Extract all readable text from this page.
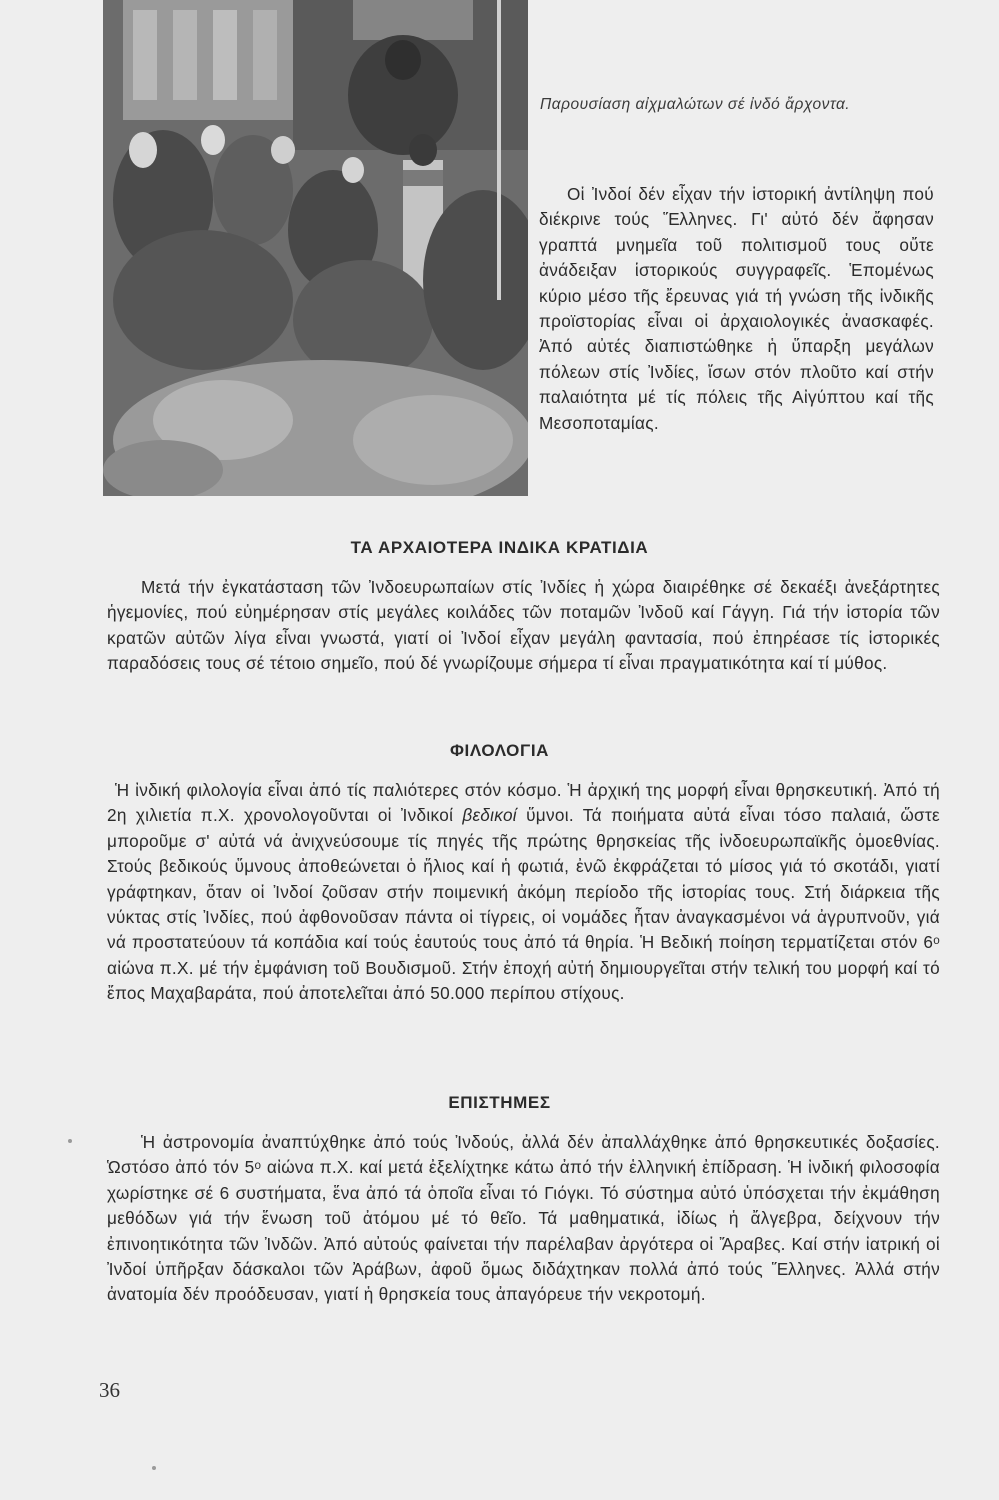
Παρουσίαση αἰχμαλώτων σέ ἰνδό ἄρχοντα.

Οἱ Ἰνδοί δέν εἶχαν τήν ἱστορική ἀντίληψη πού διέκρινε τούς Ἕλληνες. Γι' αὐτό δέν ἄφησαν γραπτά μνημεῖα τοῦ πολιτισμοῦ τους οὔτε ἀνάδειξαν ἱστορικούς συγγραφεῖς. Ἑπομένως κύριο μέσο τῆς ἔρευνας γιά τή γνώση τῆς ἰνδικῆς προϊστορίας εἶναι οἱ ἀρχαιολογικές ἀνασκαφές. Ἀπό αὐτές διαπιστώθηκε ἡ ὕπαρξη μεγάλων πόλεων στίς Ἰνδίες, ἴσων στόν πλοῦτο καί στήν παλαιότητα μέ τίς πόλεις τῆς Αἰγύπτου καί τῆς Μεσοποταμίας.

ΤΑ ΑΡΧΑΙΟΤΕΡΑ ΙΝΔΙΚΑ ΚΡΑΤΙΔΙΑ

Μετά τήν ἐγκατάσταση τῶν Ἰνδοευρωπαίων στίς Ἰνδίες ἡ χώρα διαιρέθηκε σέ δεκαέξι ἀνεξάρτητες ἡγεμονίες, πού εὐημέρησαν στίς μεγάλες κοιλάδες τῶν ποταμῶν Ἰνδοῦ καί Γάγγη. Γιά τήν ἱστορία τῶν κρατῶν αὐτῶν λίγα εἶναι γνωστά, γιατί οἱ Ἰνδοί εἶχαν μεγάλη φαντασία, πού ἐπηρέασε τίς ἱστορικές παραδόσεις τους σέ τέτοιο σημεῖο, πού δέ γνωρίζουμε σήμερα τί εἶναι πραγματικότητα καί τί μύθος.

ΦΙΛΟΛΟΓΙΑ

Ἡ ἰνδική φιλολογία εἶναι ἀπό τίς παλιότερες στόν κόσμο. Ἡ ἀρχική της μορφή εἶναι θρησκευτική. Ἀπό τή 2η χιλιετία π.Χ. χρονολογοῦνται οἱ Ἰνδικοί βεδικοί ὕμνοι. Τά ποιήματα αὐτά εἶναι τόσο παλαιά, ὥστε μποροῦμε σ' αὐτά νά ἀνιχνεύσουμε τίς πηγές τῆς πρώτης θρησκείας τῆς ἰνδοευρωπαϊκῆς ὁμοεθνίας. Στούς βεδικούς ὕμνους ἀποθεώνεται ὁ ἥλιος καί ἡ φωτιά, ἐνῶ ἐκφράζεται τό μίσος γιά τό σκοτάδι, γιατί γράφτηκαν, ὅταν οἱ Ἰνδοί ζοῦσαν στήν ποιμενική ἀκόμη περίοδο τῆς ἱστορίας τους. Στή διάρκεια τῆς νύκτας στίς Ἰνδίες, πού ἀφθονοῦσαν πάντα οἱ τίγρεις, οἱ νομάδες ἦταν ἀναγκασμένοι νά ἀγρυπνοῦν, γιά νά προστατεύουν τά κοπάδια καί τούς ἑαυτούς τους ἀπό τά θηρία. Ἡ Βεδική ποίηση τερματίζεται στόν 6ᵒ αἰώνα π.Χ. μέ τήν ἐμφάνιση τοῦ Βουδισμοῦ. Στήν ἐποχή αὐτή δημιουργεῖται στήν τελική του μορφή καί τό ἔπος Μαχαβαράτα, πού ἀποτελεῖται ἀπό 50.000 περίπου στίχους.

ΕΠΙΣΤΗΜΕΣ

Ἡ ἀστρονομία ἀναπτύχθηκε ἀπό τούς Ἰνδούς, ἀλλά δέν ἀπαλλάχθηκε ἀπό θρησκευτικές δοξασίες. Ὡστόσο ἀπό τόν 5ᵒ αἰώνα π.Χ. καί μετά ἐξελίχτηκε κάτω ἀπό τήν ἑλληνική ἐπίδραση. Ἡ ἰνδική φιλοσοφία χωρίστηκε σέ 6 συστήματα, ἕνα ἀπό τά ὁποῖα εἶναι τό Γιόγκι. Τό σύστημα αὐτό ὑπόσχεται τήν ἐκμάθηση μεθόδων γιά τήν ἕνωση τοῦ ἀτόμου μέ τό θεῖο. Τά μαθηματικά, ἰδίως ἡ ἄλγεβρα, δείχνουν τήν ἐπινοητικότητα τῶν Ἰνδῶν. Ἀπό αὐτούς φαίνεται τήν παρέλαβαν ἀργότερα οἱ Ἄραβες. Καί στήν ἰατρική οἱ Ἰνδοί ὑπῆρξαν δάσκαλοι τῶν Ἀράβων, ἀφοῦ ὅμως διδάχτηκαν πολλά ἀπό τούς Ἕλληνες. Ἀλλά στήν ἀνατομία δέν προόδευσαν, γιατί ἡ θρησκεία τους ἀπαγόρευε τήν νεκροτομή.

36
